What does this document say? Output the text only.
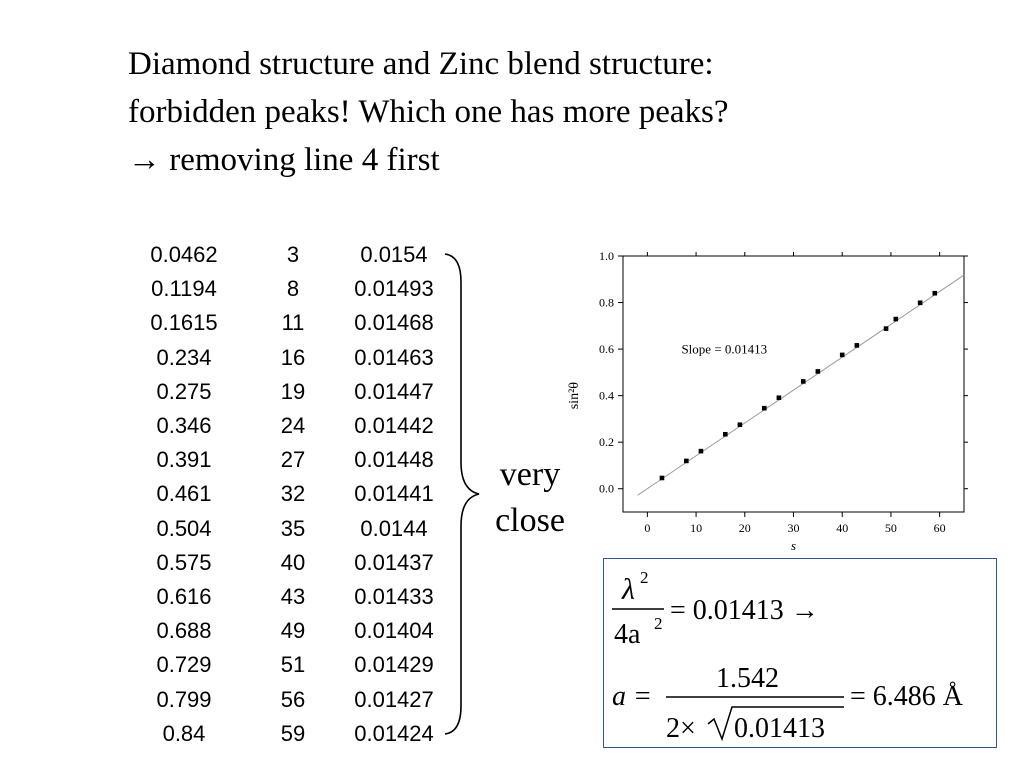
Diamond structure and Zinc blend structure:
forbidden peaks! Which one has more peaks?
→ removing line 4 first
0.0462	3	0.0154
0.1194	8	0.01493
0.1615	11	0.01468
0.234	16	0.01463
0.275	19	0.01447
0.346	24	0.01442
0.391	27	0.01448
0.461	32	0.01441
0.504	35	0.0144
0.575	40	0.01437
0.616	43	0.01433
0.688	49	0.01404
0.729	51	0.01429
0.799	56	0.01427
0.84	59	0.01424
very
close	0	10	20	30	40	50	60
0.0
0.2
0.4
0.6
0.8
1.0
Slope = 0.01413
s
sin²θ
λ 2
4a 2 = 0.01413 →
a =
1.542
2× 0.01413
= 6.486 Å
